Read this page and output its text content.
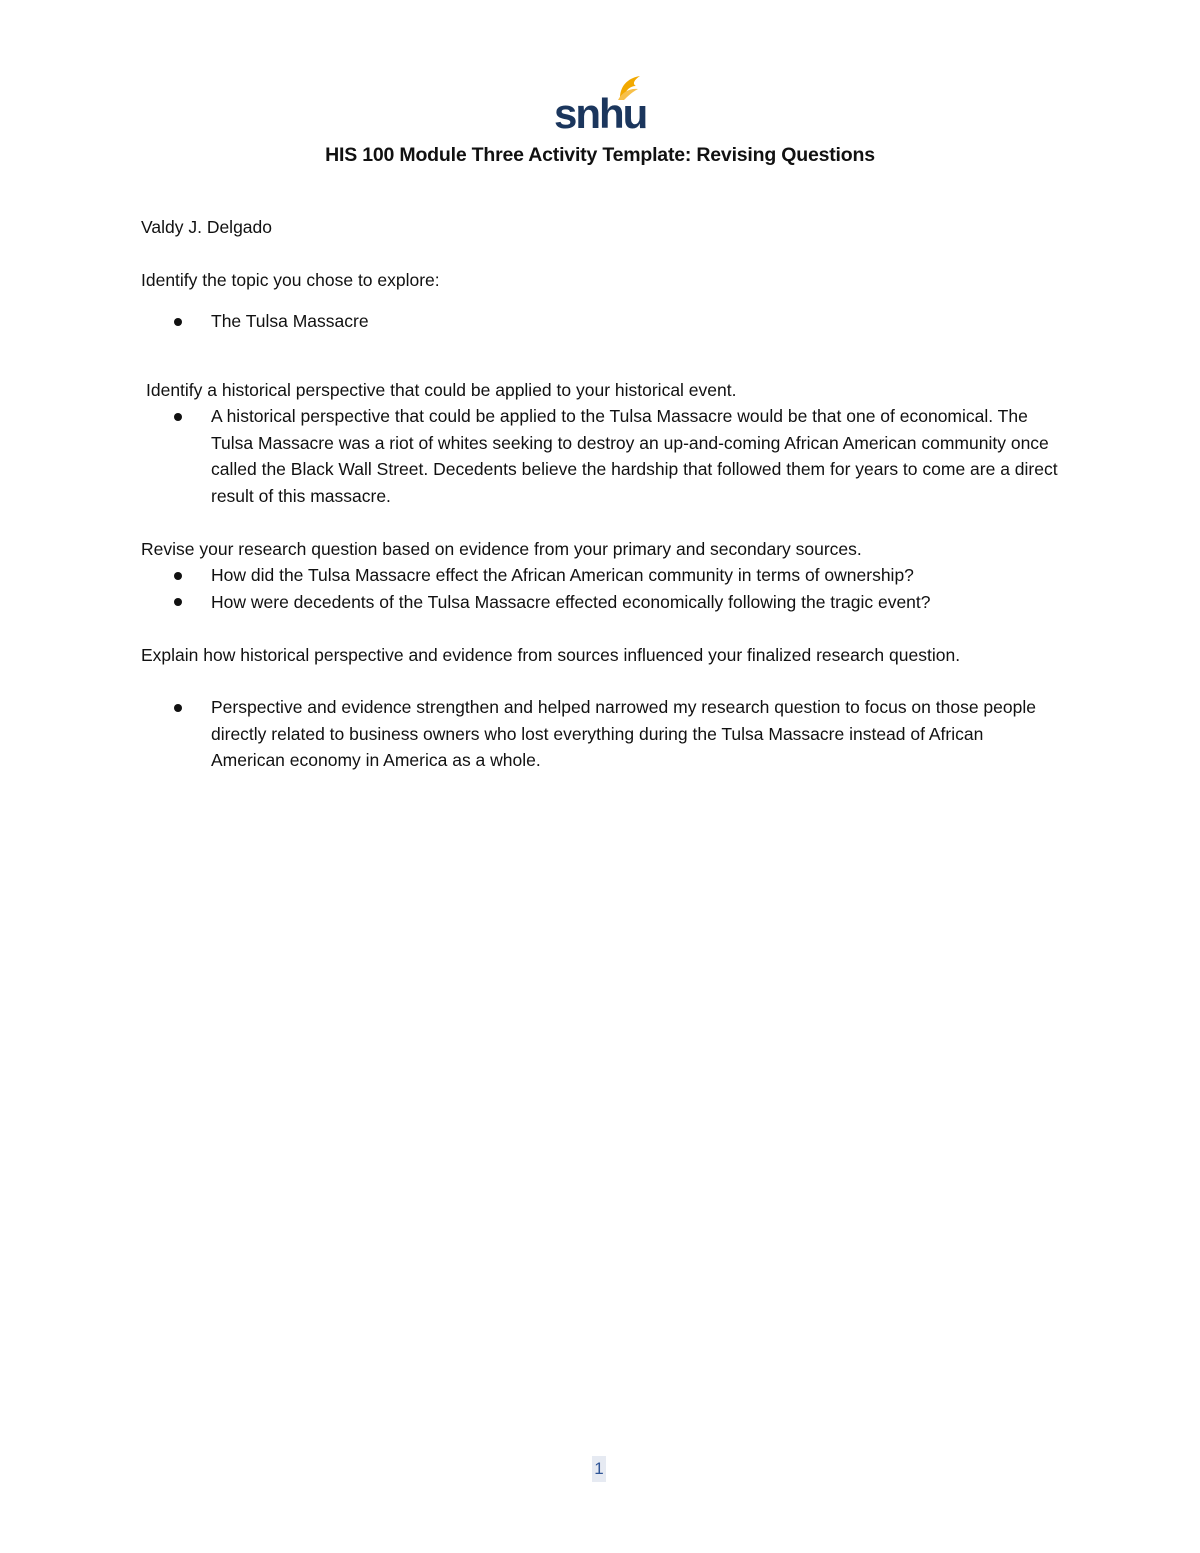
snhu
HIS 100 Module Three Activity Template: Revising Questions
Valdy J. Delgado
Identify the topic you chose to explore:
The Tulsa Massacre
Identify a historical perspective that could be applied to your historical event.
A historical perspective that could be applied to the Tulsa Massacre would be that one of economical. The Tulsa Massacre was a riot of whites seeking to destroy an up-and-coming African American community once called the Black Wall Street. Decedents believe the hardship that followed them for years to come are a direct result of this massacre.
Revise your research question based on evidence from your primary and secondary sources.
How did the Tulsa Massacre effect the African American community in terms of ownership?
How were decedents of the Tulsa Massacre effected economically following the tragic event?
Explain how historical perspective and evidence from sources influenced your finalized research question.
Perspective and evidence strengthen and helped narrowed my research question to focus on those people directly related to business owners who lost everything during the Tulsa Massacre instead of African American economy in America as a whole.
1
